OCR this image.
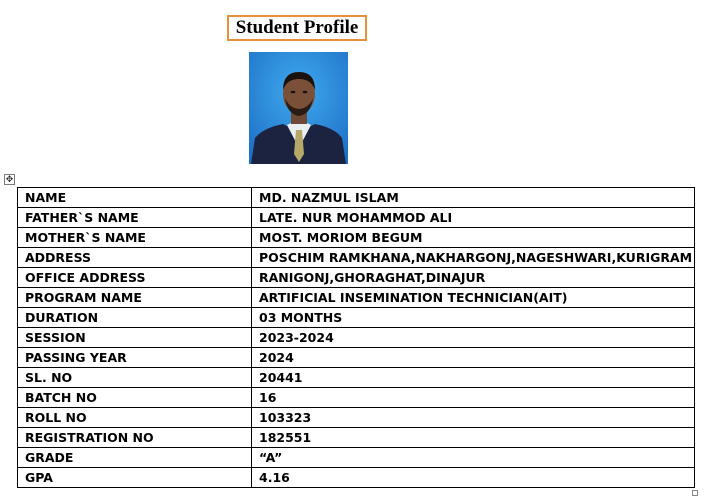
Student Profile
✥
NAME	MD. NAZMUL ISLAM
FATHER`S NAME	LATE. NUR MOHAMMOD ALI
MOTHER`S NAME	MOST. MORIOM BEGUM
ADDRESS	POSCHIM RAMKHANA,NAKHARGONJ,NAGESHWARI,KURIGRAM
OFFICE ADDRESS	RANIGONJ,GHORAGHAT,DINAJUR
PROGRAM NAME	ARTIFICIAL INSEMINATION TECHNICIAN(AIT)
DURATION	03 MONTHS
SESSION	2023-2024
PASSING YEAR	2024
SL. NO	20441
BATCH NO	16
ROLL NO	103323
REGISTRATION NO	182551
GRADE	“A”
GPA	4.16
